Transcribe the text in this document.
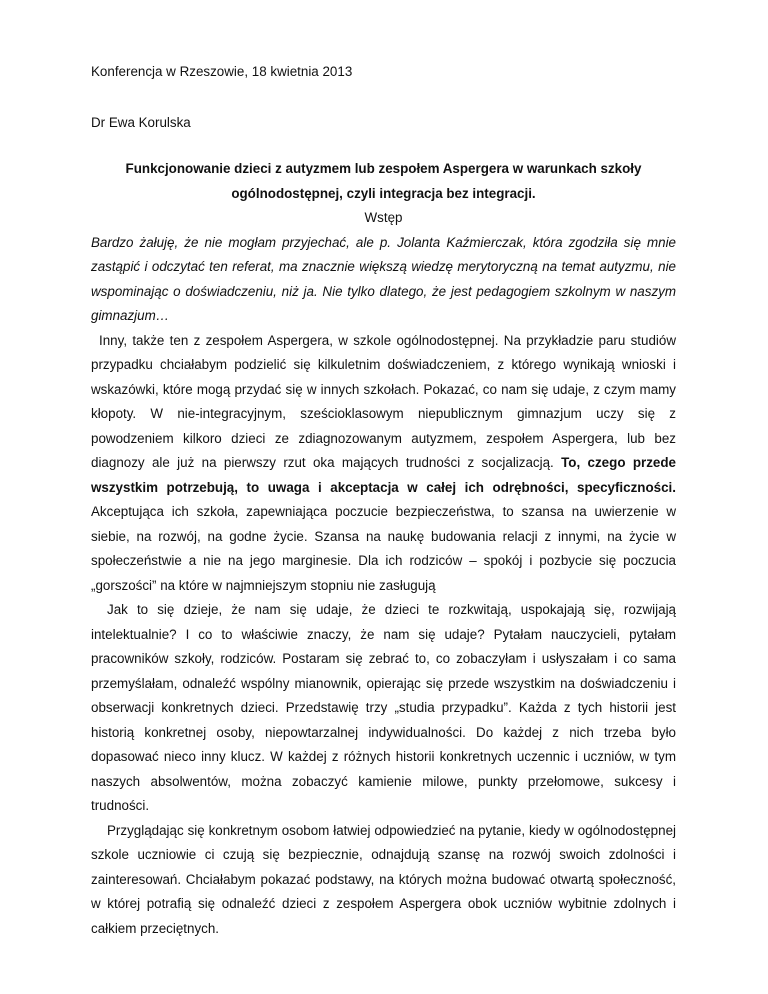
Konferencja w Rzeszowie, 18 kwietnia 2013

Dr Ewa Korulska

Funkcjonowanie dzieci z autyzmem lub zespołem Aspergera w warunkach szkoły

ogólnodostępnej, czyli integracja bez integracji.

Wstęp

Bardzo żałuję, że nie mogłam przyjechać, ale p. Jolanta Kaźmierczak, która zgodziła się mnie zastąpić i odczytać ten referat, ma znacznie większą wiedzę merytoryczną na temat autyzmu, nie wspominając o doświadczeniu, niż ja. Nie tylko dlatego, że jest pedagogiem szkolnym w naszym gimnazjum…

Inny, także ten z zespołem Aspergera, w szkole ogólnodostępnej. Na przykładzie paru studiów przypadku chciałabym podzielić się kilkuletnim doświadczeniem, z którego wynikają wnioski i wskazówki, które mogą przydać się w innych szkołach. Pokazać, co nam się udaje, z czym mamy kłopoty. W nie-integracyjnym, sześcioklasowym niepublicznym gimnazjum uczy się z powodzeniem kilkoro dzieci ze zdiagnozowanym autyzmem, zespołem Aspergera, lub bez diagnozy ale już na pierwszy rzut oka mających trudności z socjalizacją. To, czego przede wszystkim potrzebują, to uwaga i akceptacja w całej ich odrębności, specyficzności. Akceptująca ich szkoła, zapewniająca poczucie bezpieczeństwa, to szansa na uwierzenie w siebie, na rozwój, na godne życie. Szansa na naukę budowania relacji z innymi, na życie w społeczeństwie a nie na jego marginesie. Dla ich rodziców – spokój i pozbycie się poczucia „gorszości” na które w najmniejszym stopniu nie zasługują

Jak to się dzieje, że nam się udaje, że dzieci te rozkwitają, uspokajają się, rozwijają intelektualnie? I co to właściwie znaczy, że nam się udaje? Pytałam nauczycieli, pytałam pracowników szkoły, rodziców. Postaram się zebrać to, co zobaczyłam i usłyszałam i co sama przemyślałam, odnaleźć wspólny mianownik, opierając się przede wszystkim na doświadczeniu i obserwacji konkretnych dzieci. Przedstawię trzy „studia przypadku”. Każda z tych historii jest historią konkretnej osoby, niepowtarzalnej indywidualności. Do każdej z nich trzeba było dopasować nieco inny klucz. W każdej z różnych historii konkretnych uczennic i uczniów, w tym naszych absolwentów, można zobaczyć kamienie milowe, punkty przełomowe, sukcesy i trudności.

Przyglądając się konkretnym osobom łatwiej odpowiedzieć na pytanie, kiedy w ogólnodostępnej szkole uczniowie ci czują się bezpiecznie, odnajdują szansę na rozwój swoich zdolności i zainteresowań. Chciałabym pokazać podstawy, na których można budować otwartą społeczność, w której potrafią się odnaleźć dzieci z zespołem Aspergera obok uczniów wybitnie zdolnych i całkiem przeciętnych.
